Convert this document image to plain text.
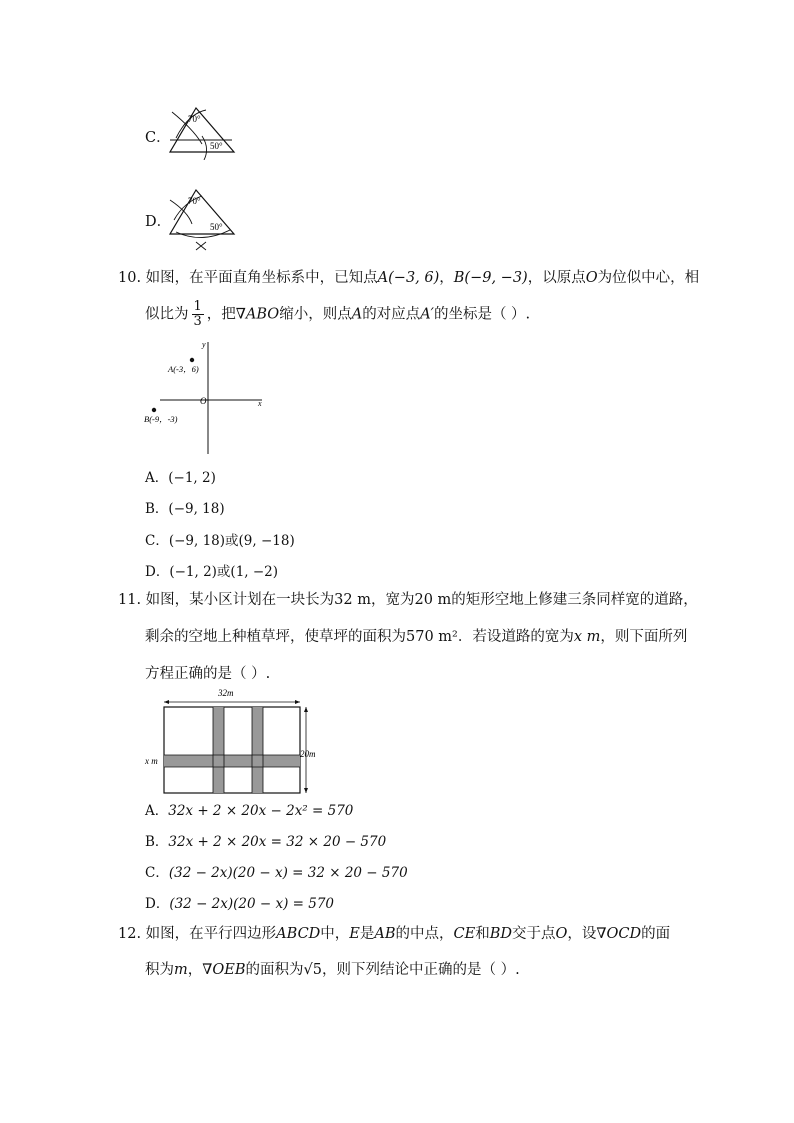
C．
70°
50°
D．
70°
50°
10. 如图，在平面直角坐标系中，已知点A(−3, 6)，B(−9, −3)，以原点O为位似中心，相
似比为 $\frac{1}{3}$ ，把∇ABO缩小，则点A的对应点A′的坐标是（ ）.
y
x
O
A(-3，6)
B(-9，-3)
A．(−1, 2)
B．(−9, 18)
C．(−9, 18)或(9, −18)
D．(−1, 2)或(1, −2)
11. 如图，某小区计划在一块长为32 m，宽为20 m的矩形空地上修建三条同样宽的道路，
剩余的空地上种植草坪，使草坪的面积为570 m²．若设道路的宽为x m，则下面所列
方程正确的是（ ）.
32m
20m
x m
A．32x + 2 × 20x − 2x² = 570
B．32x + 2 × 20x = 32 × 20 − 570
C．(32 − 2x)(20 − x) = 32 × 20 − 570
D．(32 − 2x)(20 − x) = 570
12. 如图，在平行四边形ABCD中，E是AB的中点，CE和BD交于点O，设∇OCD的面
积为m，∇OEB的面积为√5，则下列结论中正确的是（ ）.
